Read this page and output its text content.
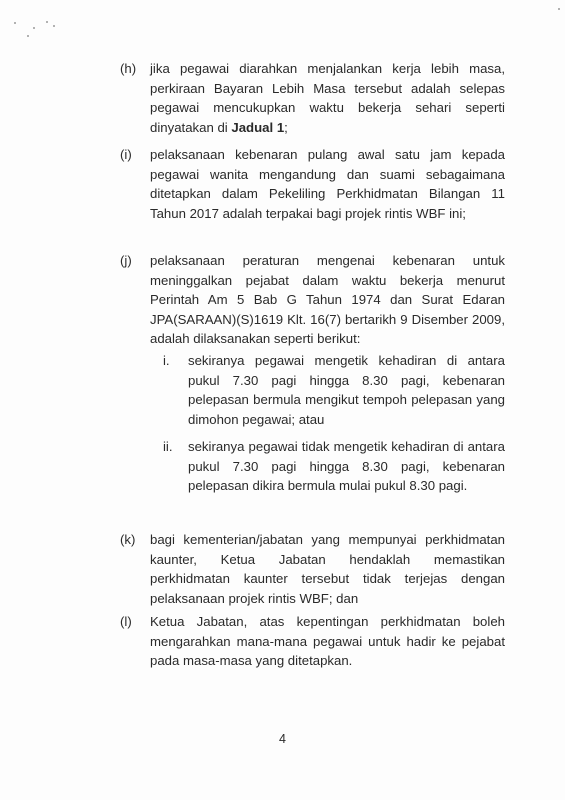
(h)	jika pegawai diarahkan menjalankan kerja lebih masa, perkiraan Bayaran Lebih Masa tersebut adalah selepas pegawai mencukupkan waktu bekerja sehari seperti dinyatakan di Jadual 1;
(i)	pelaksanaan kebenaran pulang awal satu jam kepada pegawai wanita mengandung dan suami sebagaimana ditetapkan dalam Pekeliling Perkhidmatan Bilangan 11 Tahun 2017 adalah terpakai bagi projek rintis WBF ini;
(j)	pelaksanaan peraturan mengenai kebenaran untuk meninggalkan pejabat dalam waktu bekerja menurut Perintah Am 5 Bab G Tahun 1974 dan Surat Edaran JPA(SARAAN)(S)1619 Klt. 16(7) bertarikh 9 Disember 2009, adalah dilaksanakan seperti berikut:
i.	sekiranya pegawai mengetik kehadiran di antara pukul 7.30 pagi hingga 8.30 pagi, kebenaran pelepasan bermula mengikut tempoh pelepasan yang dimohon pegawai; atau
ii.	sekiranya pegawai tidak mengetik kehadiran di antara pukul 7.30 pagi hingga 8.30 pagi, kebenaran pelepasan dikira bermula mulai pukul 8.30 pagi.
(k)	bagi kementerian/jabatan yang mempunyai perkhidmatan kaunter, Ketua Jabatan hendaklah memastikan perkhidmatan kaunter tersebut tidak terjejas dengan pelaksanaan projek rintis WBF; dan
(l)	Ketua Jabatan, atas kepentingan perkhidmatan boleh mengarahkan mana-mana pegawai untuk hadir ke pejabat pada masa-masa yang ditetapkan.
4
